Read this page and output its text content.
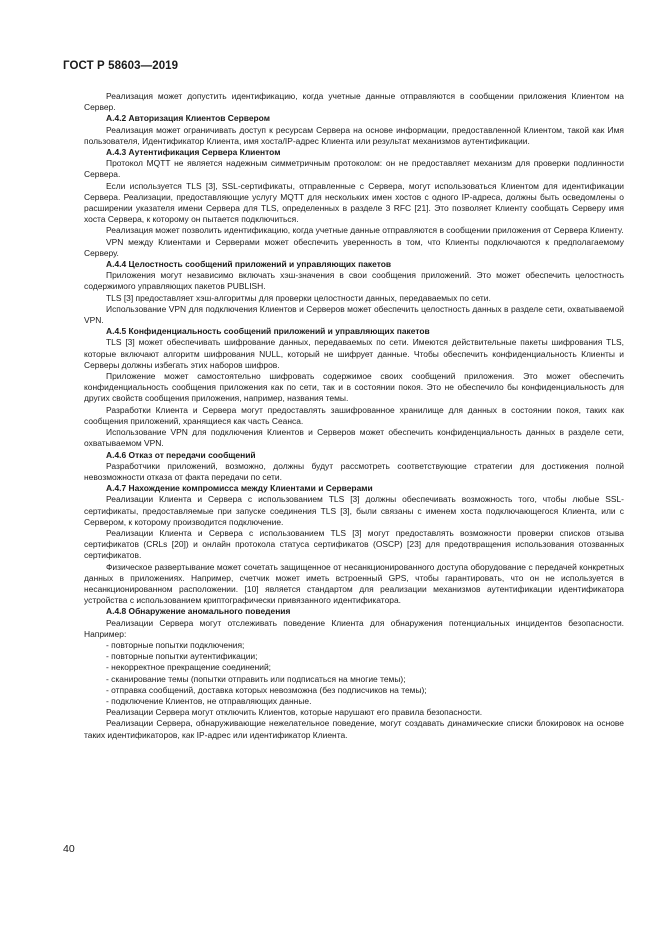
ГОСТ Р 58603—2019

Реализация может допустить идентификацию, когда учетные данные отправляются в сообщении приложения Клиентом на Сервер.

А.4.2 Авторизация Клиентов Сервером

Реализация может ограничивать доступ к ресурсам Сервера на основе информации, предоставленной Клиентом, такой как Имя пользователя, Идентификатор Клиента, имя хоста/IP-адрес Клиента или результат механизмов аутентификации.

А.4.3 Аутентификация Сервера Клиентом

Протокол MQTT не является надежным симметричным протоколом: он не предоставляет механизм для проверки подлинности Сервера.

Если используется TLS [3], SSL-сертификаты, отправленные с Сервера, могут использоваться Клиентом для идентификации Сервера. Реализации, предоставляющие услугу MQTT для нескольких имен хостов с одного IP-адреса, должны быть осведомлены о расширении указателя имени Сервера для TLS, определенных в разделе 3 RFC [21]. Это позволяет Клиенту сообщать Серверу имя хоста Сервера, к которому он пытается подключиться.

Реализация может позволить идентификацию, когда учетные данные отправляются в сообщении приложения от Сервера Клиенту.

VPN между Клиентами и Серверами может обеспечить уверенность в том, что Клиенты подключаются к предполагаемому Серверу.

А.4.4 Целостность сообщений приложений и управляющих пакетов

Приложения могут независимо включать хэш-значения в свои сообщения приложений. Это может обеспечить целостность содержимого управляющих пакетов PUBLISH.

TLS [3] предоставляет хэш-алгоритмы для проверки целостности данных, передаваемых по сети.

Использование VPN для подключения Клиентов и Серверов может обеспечить целостность данных в разделе сети, охватываемой VPN.

А.4.5 Конфиденциальность сообщений приложений и управляющих пакетов

TLS [3] может обеспечивать шифрование данных, передаваемых по сети. Имеются действительные пакеты шифрования TLS, которые включают алгоритм шифрования NULL, который не шифрует данные. Чтобы обеспечить конфиденциальность Клиенты и Серверы должны избегать этих наборов шифров.

Приложение может самостоятельно шифровать содержимое своих сообщений приложения. Это может обеспечить конфиденциальность сообщения приложения как по сети, так и в состоянии покоя. Это не обеспечило бы конфиденциальность для других свойств сообщения приложения, например, названия темы.

Разработки Клиента и Сервера могут предоставлять зашифрованное хранилище для данных в состоянии покоя, таких как сообщения приложений, хранящиеся как часть Сеанса.

Использование VPN для подключения Клиентов и Серверов может обеспечить конфиденциальность данных в разделе сети, охватываемом VPN.

А.4.6 Отказ от передачи сообщений

Разработчики приложений, возможно, должны будут рассмотреть соответствующие стратегии для достижения полной невозможности отказа от факта передачи по сети.

А.4.7 Нахождение компромисса между Клиентами и Серверами

Реализации Клиента и Сервера с использованием TLS [3] должны обеспечивать возможность того, чтобы любые SSL-сертификаты, предоставляемые при запуске соединения TLS [3], были связаны с именем хоста подключающегося Клиента, или с Сервером, к которому производится подключение.

Реализации Клиента и Сервера с использованием TLS [3] могут предоставлять возможности проверки списков отзыва сертификатов (CRLs [20]) и онлайн протокола статуса сертификатов (OSCP) [23] для предотвращения использования отозванных сертификатов.

Физическое развертывание может сочетать защищенное от несанкционированного доступа оборудование с передачей конкретных данных в приложениях. Например, счетчик может иметь встроенный GPS, чтобы гарантировать, что он не используется в несанкционированном расположении. [10] является стандартом для реализации механизмов аутентификации идентификатора устройства с использованием криптографически привязанного идентификатора.

А.4.8 Обнаружение аномального поведения

Реализации Сервера могут отслеживать поведение Клиента для обнаружения потенциальных инцидентов безопасности. Например:

- повторные попытки подключения;

- повторные попытки аутентификации;

- некорректное прекращение соединений;

- сканирование темы (попытки отправить или подписаться на многие темы);

- отправка сообщений, доставка которых невозможна (без подписчиков на темы);

- подключение Клиентов, не отправляющих данные.

Реализации Сервера могут отключить Клиентов, которые нарушают его правила безопасности.

Реализации Сервера, обнаруживающие нежелательное поведение, могут создавать динамические списки блокировок на основе таких идентификаторов, как IP-адрес или идентификатор Клиента.

40
